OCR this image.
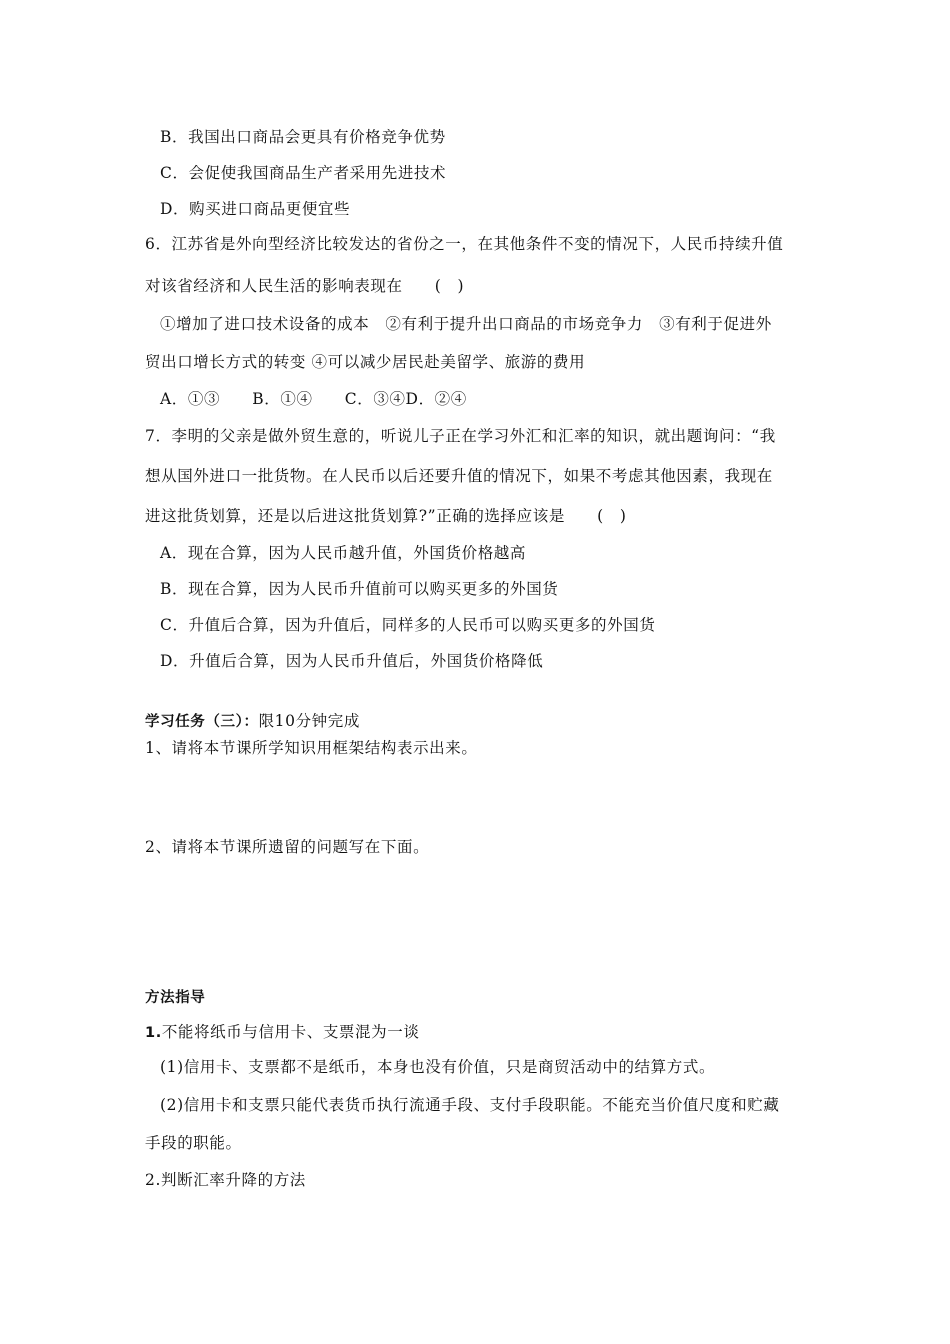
B．我国出口商品会更具有价格竞争优势
C．会促使我国商品生产者采用先进技术
D．购买进口商品更便宜些
6．江苏省是外向型经济比较发达的省份之一，在其他条件不变的情况下，人民币持续升值
对该省经济和人民生活的影响表现在　　(　)
①增加了进口技术设备的成本　②有利于提升出口商品的市场竞争力　③有利于促进外
贸出口增长方式的转变 ④可以减少居民赴美留学、旅游的费用
A．①③　　B．①④　　C．③④D．②④
7．李明的父亲是做外贸生意的，听说儿子正在学习外汇和汇率的知识，就出题询问：“我
想从国外进口一批货物。在人民币以后还要升值的情况下，如果不考虑其他因素，我现在
进这批货划算，还是以后进这批货划算?”正确的选择应该是　　(　)
A．现在合算，因为人民币越升值，外国货价格越高
B．现在合算，因为人民币升值前可以购买更多的外国货
C．升值后合算，因为升值后，同样多的人民币可以购买更多的外国货
D．升值后合算，因为人民币升值后，外国货价格降低
学习任务（三）：限10分钟完成
1、请将本节课所学知识用框架结构表示出来。
2、请将本节课所遗留的问题写在下面。
方法指导
1.不能将纸币与信用卡、支票混为一谈
(1)信用卡、支票都不是纸币，本身也没有价值，只是商贸活动中的结算方式。
(2)信用卡和支票只能代表货币执行流通手段、支付手段职能。不能充当价值尺度和贮藏
手段的职能。
2.判断汇率升降的方法
